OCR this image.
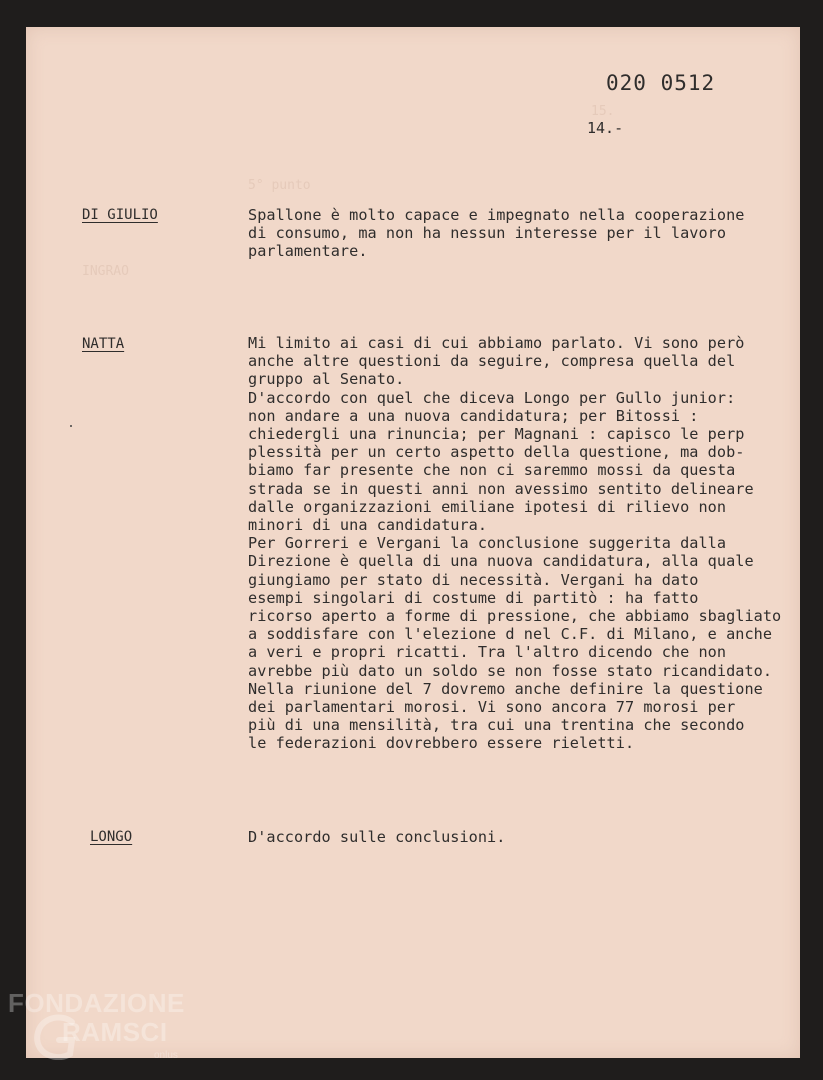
15.
5° punto
INGRAO
020 0512
14.-
DI GIULIO	Spallone è molto capace e impegnato nella cooperazione
di consumo, ma non ha nessun interesse per il lavoro
parlamentare.
NATTA	Mi limito ai casi di cui abbiamo parlato. Vi sono però
anche altre questioni da seguire, compresa quella del
gruppo al Senato.
D'accordo con quel che diceva Longo per Gullo junior:
non andare a una nuova candidatura; per Bitossi :
chiedergli una rinuncia; per Magnani : capisco le perp
plessità per un certo aspetto della questione, ma dob-
biamo far presente che non ci saremmo mossi da questa
strada se in questi anni non avessimo sentito delineare
dalle organizzazioni emiliane ipotesi di rilievo non
minori di una candidatura.
Per Gorreri e Vergani la conclusione suggerita dalla
Direzione è quella di una nuova candidatura, alla quale
giungiamo per stato di necessità. Vergani ha dato
esempi singolari di costume di partitò : ha fatto
ricorso aperto a forme di pressione, che abbiamo sbagliato
a soddisfare con l'elezione d nel C.F. di Milano, e anche
a veri e propri ricatti. Tra l'altro dicendo che non
avrebbe più dato un soldo se non fosse stato ricandidato.
Nella riunione del 7 dovremo anche definire la questione
dei parlamentari morosi. Vi sono ancora 77 morosi per
più di una mensilità, tra cui una trentina che secondo
le federazioni dovrebbero essere rieletti.
LONGO	D'accordo sulle conclusioni.
FONDAZIONE
RAMSCI
onlus
